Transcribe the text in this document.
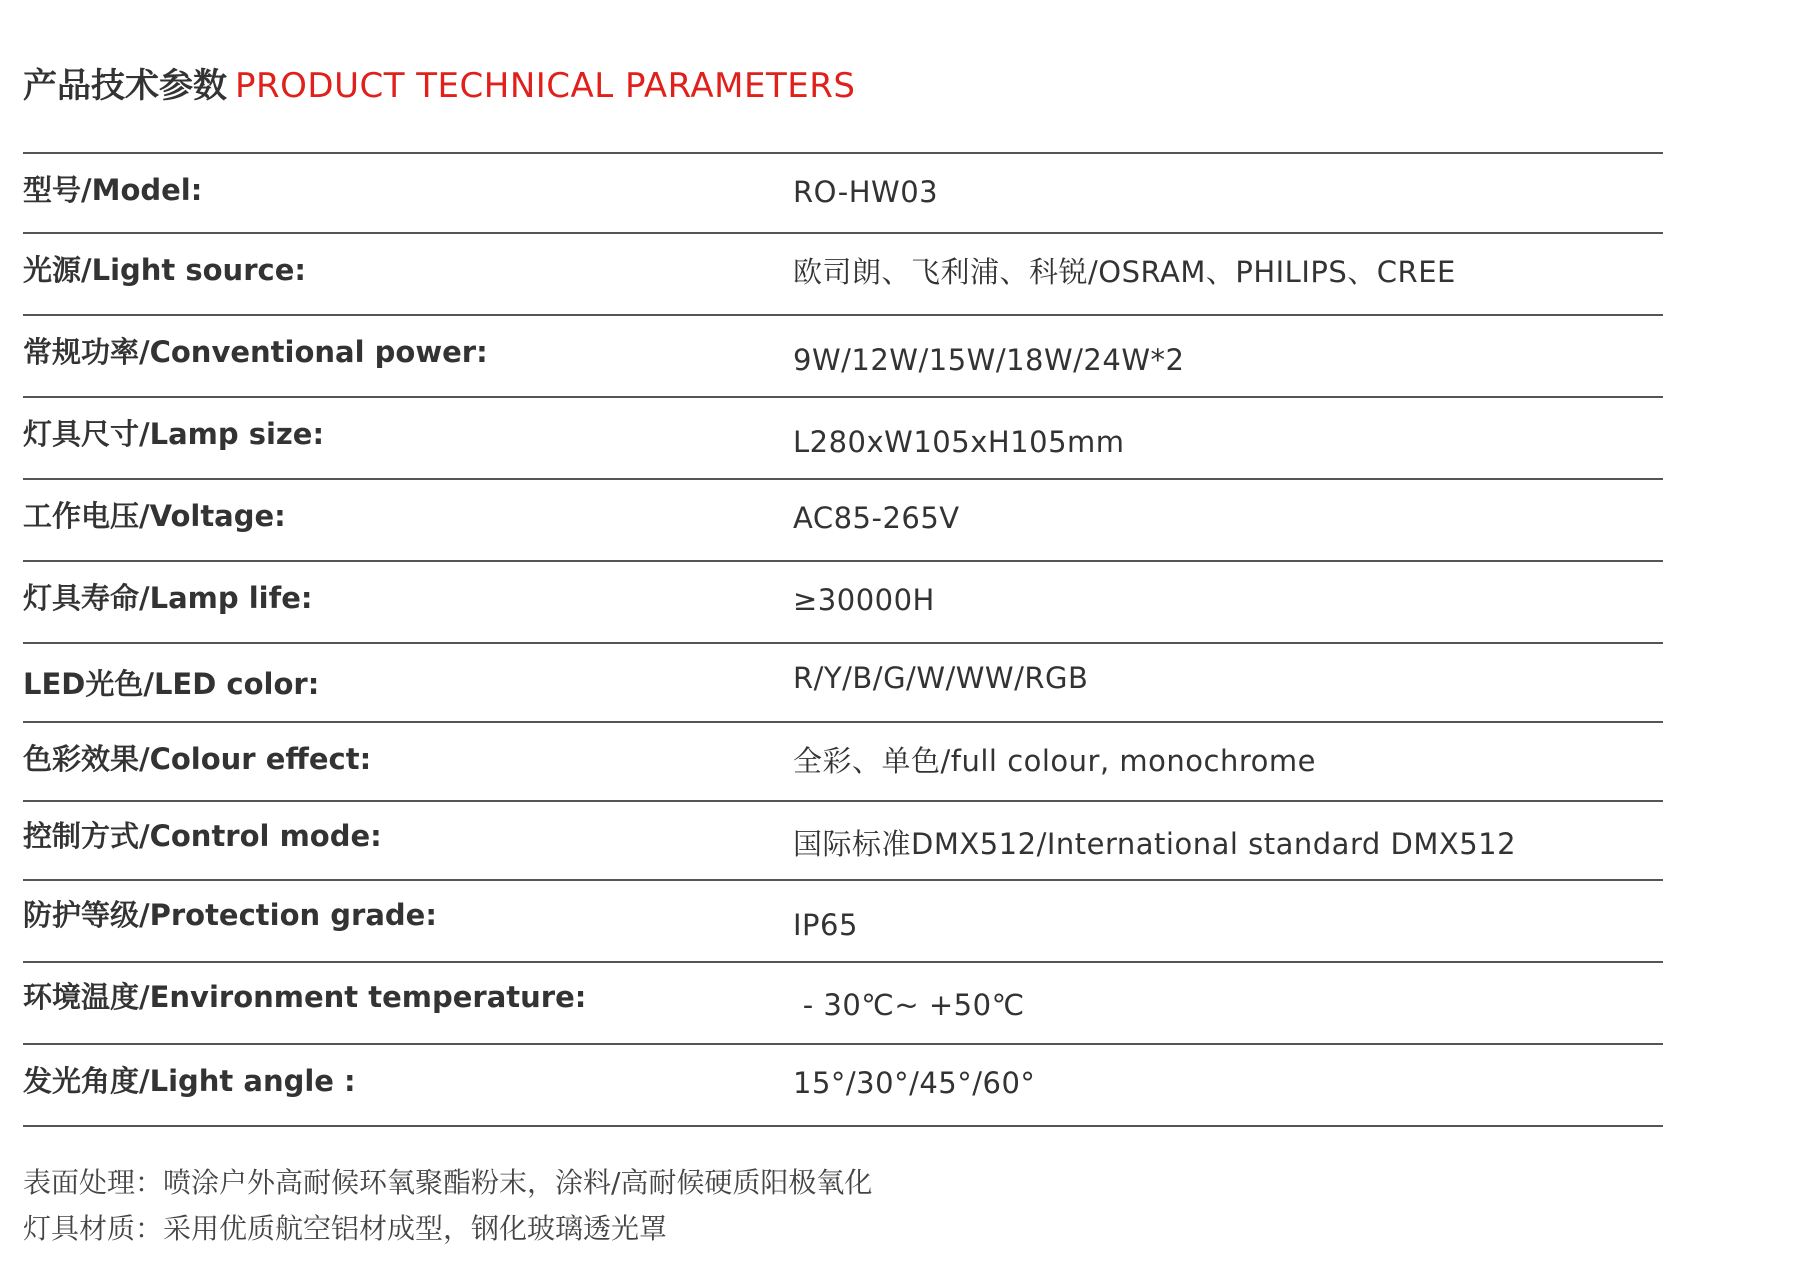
产品技术参数 PRODUCT TECHNICAL PARAMETERS
型号/Model:	RO-HW03
光源/Light source:	欧司朗、飞利浦、科锐/OSRAM、PHILIPS、CREE
常规功率/Conventional power:	9W/12W/15W/18W/24W*2
灯具尺寸/Lamp size:	L280xW105xH105mm
工作电压/Voltage:	AC85-265V
灯具寿命/Lamp life:	≥30000H
LED光色/LED color:	R/Y/B/G/W/WW/RGB
色彩效果/Colour effect:	全彩、单色/full colour, monochrome
控制方式/Control mode:	国际标准DMX512/International standard DMX512
防护等级/Protection grade:	IP65
环境温度/Environment temperature:	- 30℃~ +50℃
发光角度/Light angle :	15°/30°/45°/60°
表面处理：喷涂户外高耐候环氧聚酯粉末，涂料/高耐候硬质阳极氧化
灯具材质：采用优质航空铝材成型，钢化玻璃透光罩
